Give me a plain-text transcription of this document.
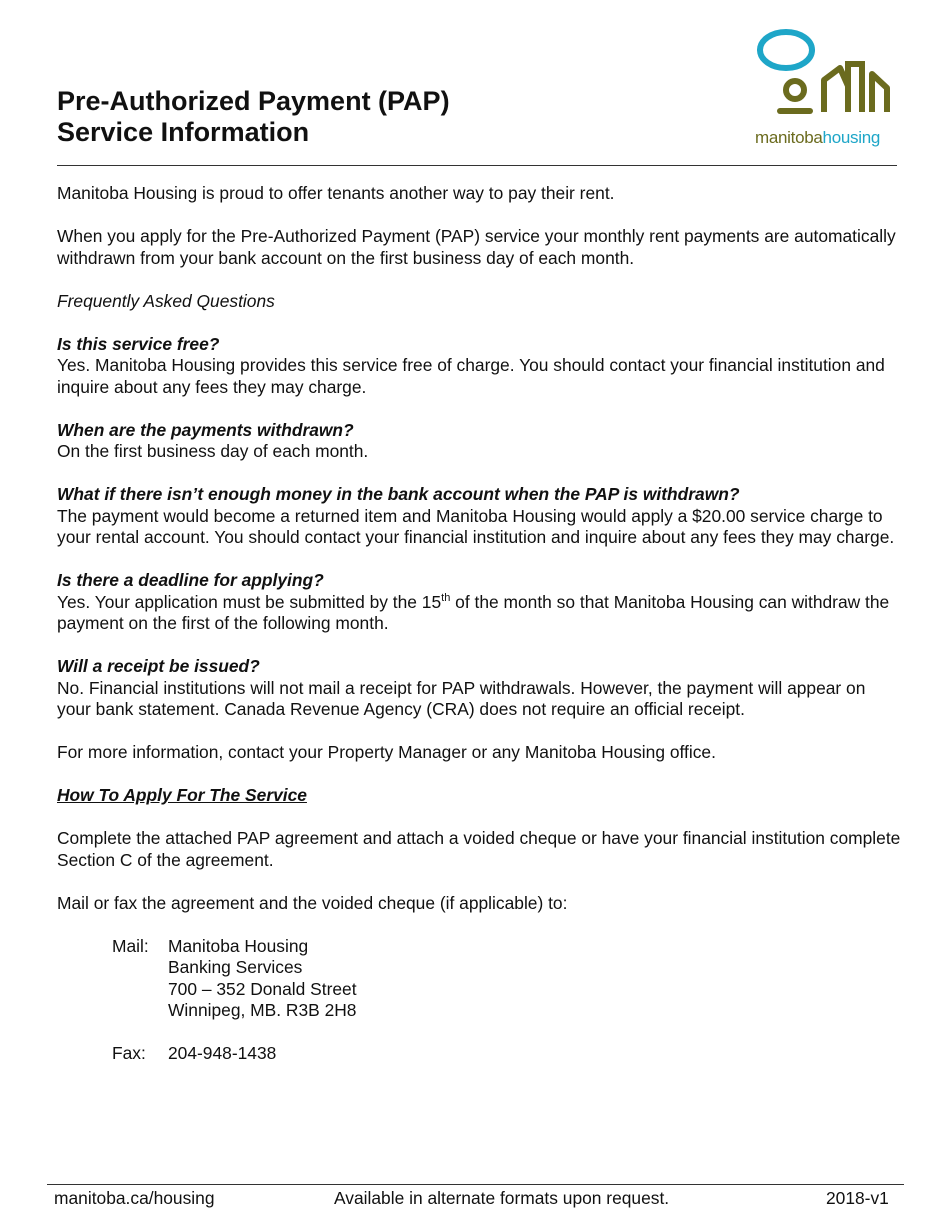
Pre-Authorized Payment (PAP)
Service Information	manitobahousing

Manitoba Housing is proud to offer tenants another way to pay their rent.

When you apply for the Pre-Authorized Payment (PAP) service your monthly rent payments are automatically withdrawn from your bank account on the first business day of each month.

Frequently Asked Questions

Is this service free?

Yes. Manitoba Housing provides this service free of charge. You should contact your financial institution and inquire about any fees they may charge.

When are the payments withdrawn?

On the first business day of each month.

What if there isn’t enough money in the bank account when the PAP is withdrawn?

The payment would become a returned item and Manitoba Housing would apply a $20.00 service charge to your rental account. You should contact your financial institution and inquire about any fees they may charge.

Is there a deadline for applying?

Yes. Your application must be submitted by the 15th of the month so that Manitoba Housing can withdraw the payment on the first of the following month.

Will a receipt be issued?

No. Financial institutions will not mail a receipt for PAP withdrawals. However, the payment will appear on your bank statement. Canada Revenue Agency (CRA) does not require an official receipt.

For more information, contact your Property Manager or any Manitoba Housing office.

How To Apply For The Service

Complete the attached PAP agreement and attach a voided cheque or have your financial institution complete Section C of the agreement.

Mail or fax the agreement and the voided cheque (if applicable) to:

Mail:	Manitoba Housing
Banking Services
700 – 352 Donald Street
Winnipeg, MB. R3B 2H8
Fax:	204-948-1438
manitoba.ca/housing	Available in alternate formats upon request.	2018-v1
